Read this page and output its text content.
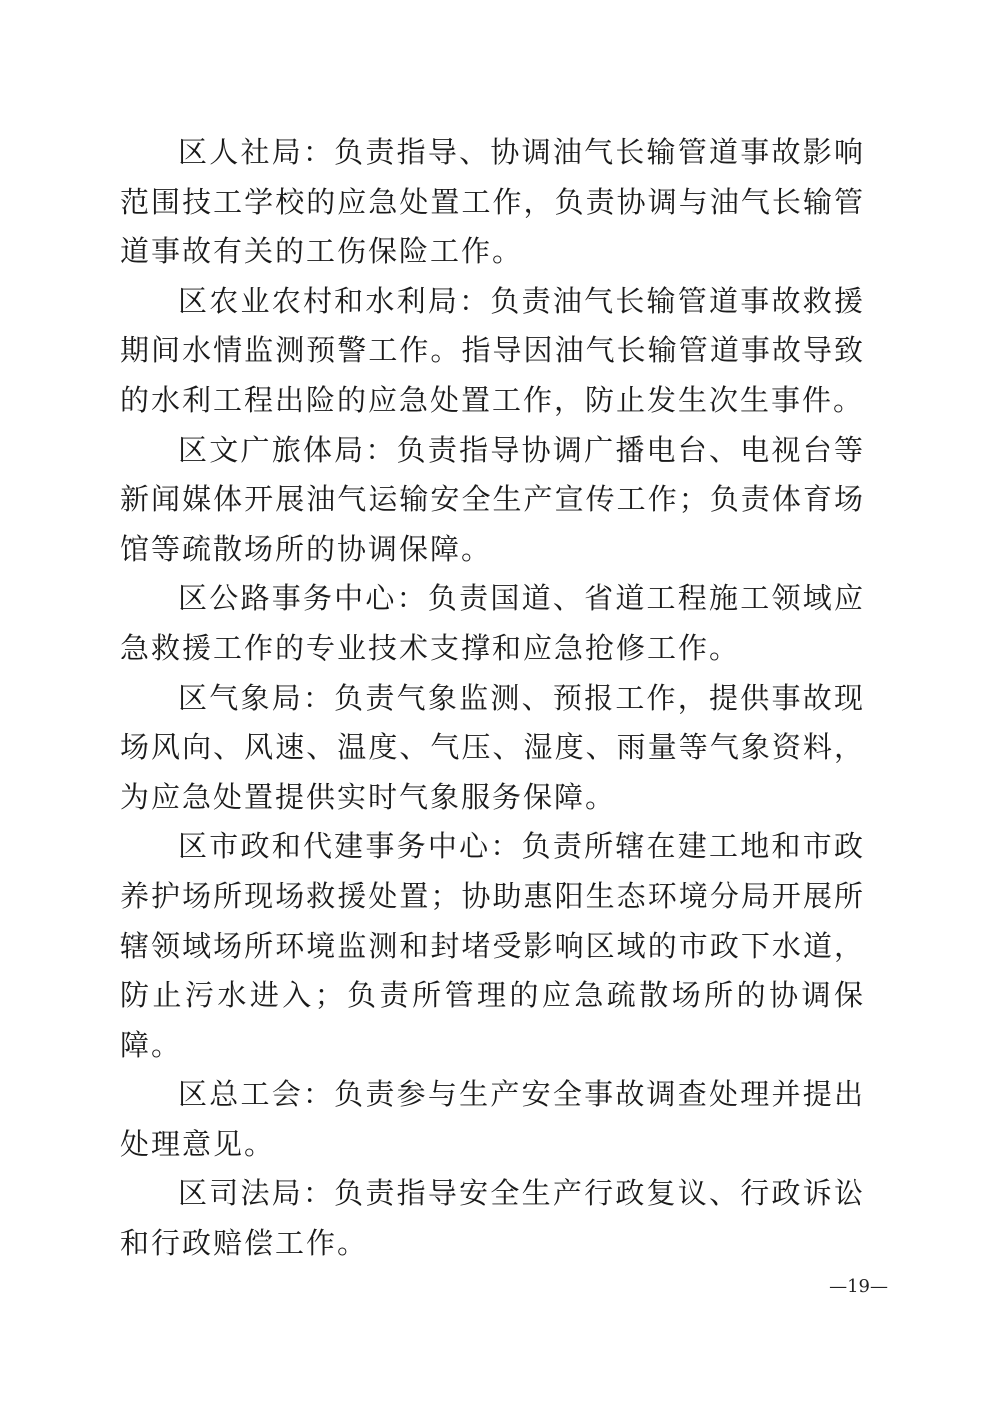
区人社局：负责指导、协调油气长输管道事故影响范围技工学校的应急处置工作，负责协调与油气长输管道事故有关的工伤保险工作。

区农业农村和水利局：负责油气长输管道事故救援期间水情监测预警工作。指导因油气长输管道事故导致的水利工程出险的应急处置工作，防止发生次生事件。

区文广旅体局：负责指导协调广播电台、电视台等新闻媒体开展油气运输安全生产宣传工作；负责体育场馆等疏散场所的协调保障。

区公路事务中心：负责国道、省道工程施工领域应急救援工作的专业技术支撑和应急抢修工作。

区气象局：负责气象监测、预报工作，提供事故现场风向、风速、温度、气压、湿度、雨量等气象资料，为应急处置提供实时气象服务保障。

区市政和代建事务中心：负责所辖在建工地和市政养护场所现场救援处置；协助惠阳生态环境分局开展所辖领域场所环境监测和封堵受影响区域的市政下水道，防止污水进入；负责所管理的应急疏散场所的协调保障。

区总工会：负责参与生产安全事故调查处理并提出处理意见。

区司法局：负责指导安全生产行政复议、行政诉讼和行政赔偿工作。

—19—
